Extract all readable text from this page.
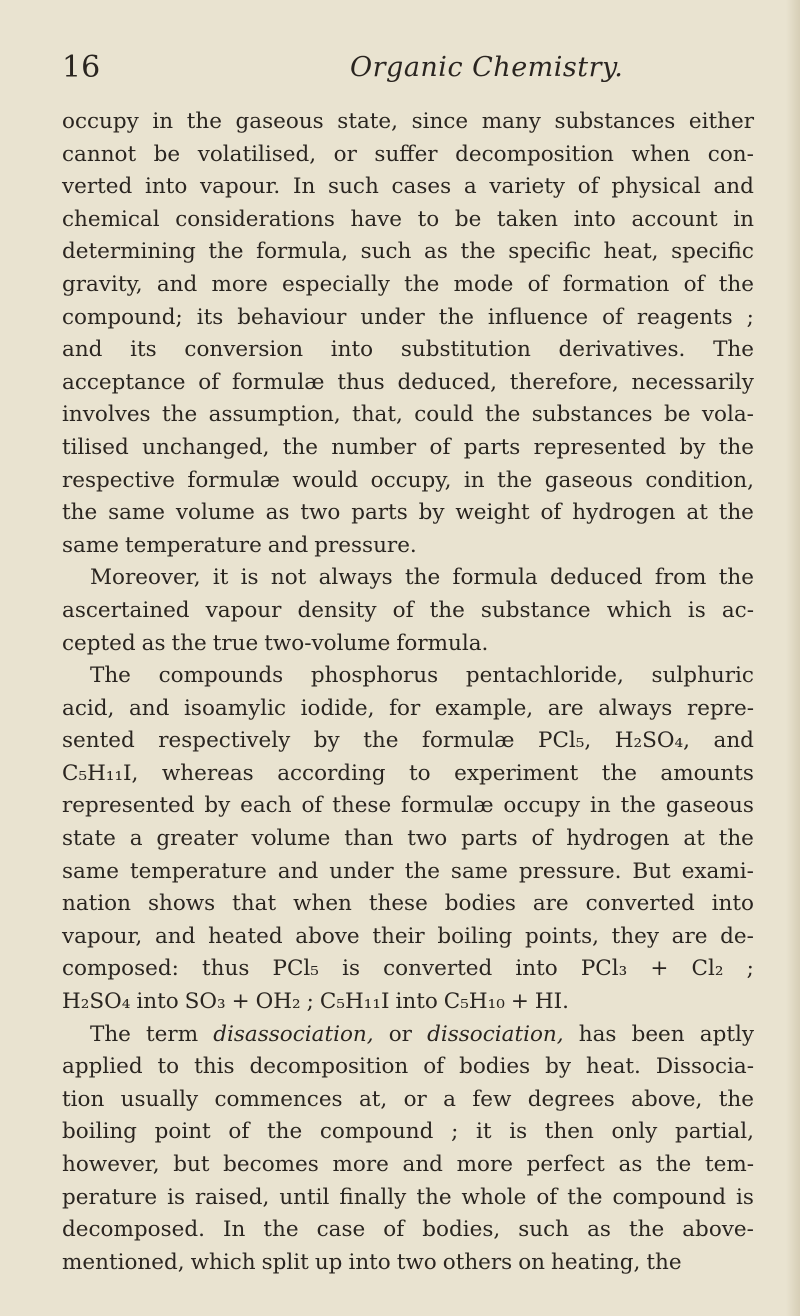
16	Organic Chemistry.
occupy in the gaseous state, since many substances either
cannot be volatilised, or suffer decomposition when con-
verted into vapour. In such cases a variety of physical and
chemical considerations have to be taken into account in
determining the formula, such as the specific heat, specific
gravity, and more especially the mode of formation of the
compound; its behaviour under the influence of reagents ;
and its conversion into substitution derivatives. The
acceptance of formulæ thus deduced, therefore, necessarily
involves the assumption, that, could the substances be vola-
tilised unchanged, the number of parts represented by the
respective formulæ would occupy, in the gaseous condition,
the same volume as two parts by weight of hydrogen at the
same temperature and pressure.
Moreover, it is not always the formula deduced from the
ascertained vapour density of the substance which is ac-
cepted as the true two-volume formula.
The compounds phosphorus pentachloride, sulphuric
acid, and isoamylic iodide, for example, are always repre-
sented respectively by the formulæ PCl₅, H₂SO₄, and
C₅H₁₁I, whereas according to experiment the amounts
represented by each of these formulæ occupy in the gaseous
state a greater volume than two parts of hydrogen at the
same temperature and under the same pressure. But exami-
nation shows that when these bodies are converted into
vapour, and heated above their boiling points, they are de-
composed: thus PCl₅ is converted into PCl₃ + Cl₂ ;
H₂SO₄ into SO₃ + OH₂ ; C₅H₁₁I into C₅H₁₀ + HI.
The term disassociation, or dissociation, has been aptly
applied to this decomposition of bodies by heat. Dissocia-
tion usually commences at, or a few degrees above, the
boiling point of the compound ; it is then only partial,
however, but becomes more and more perfect as the tem-
perature is raised, until finally the whole of the compound is
decomposed. In the case of bodies, such as the above-
mentioned, which split up into two others on heating, the
